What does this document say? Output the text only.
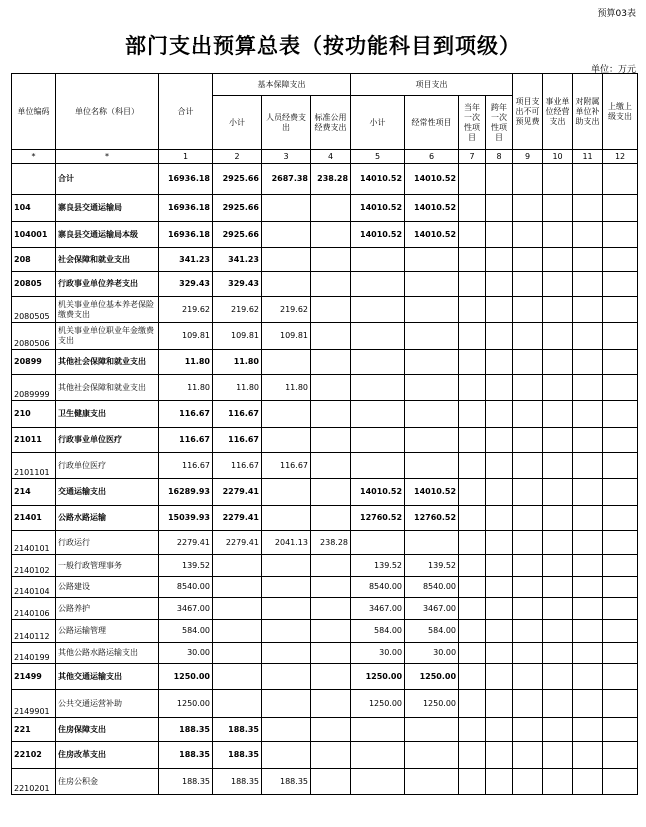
预算03表
部门支出预算总表（按功能科目到项级）
单位：万元
单位编码	单位名称（科目）	合计	基本保障支出			项目支出				项目支出不可预见费	事业单位经营支出	对附属单位补助支出	上缴上级支出
			小计	人员经费支出	标准公用经费支出	小计	经常性项目	当年一次性项目	跨年一次性项目				
*	*	1	2	3	4	5	6	7	8	9	10	11	12
	合计	16936.18	2925.66	2687.38	238.28	14010.52	14010.52						
104	寨良县交通运输局	16936.18	2925.66			14010.52	14010.52						
104001	寨良县交通运输局本级	16936.18	2925.66			14010.52	14010.52						
208	社会保障和就业支出	341.23	341.23										
20805	行政事业单位养老支出	329.43	329.43										
2080505	机关事业单位基本养老保险缴费支出	219.62	219.62	219.62									
2080506	机关事业单位职业年金缴费支出	109.81	109.81	109.81									
20899	其他社会保障和就业支出	11.80	11.80										
2089999	其他社会保障和就业支出	11.80	11.80	11.80									
210	卫生健康支出	116.67	116.67										
21011	行政事业单位医疗	116.67	116.67										
2101101	行政单位医疗	116.67	116.67	116.67									
214	交通运输支出	16289.93	2279.41			14010.52	14010.52						
21401	公路水路运输	15039.93	2279.41			12760.52	12760.52						
2140101	行政运行	2279.41	2279.41	2041.13	238.28								
2140102	一般行政管理事务	139.52				139.52	139.52						
2140104	公路建设	8540.00				8540.00	8540.00						
2140106	公路养护	3467.00				3467.00	3467.00						
2140112	公路运输管理	584.00				584.00	584.00						
2140199	其他公路水路运输支出	30.00				30.00	30.00						
21499	其他交通运输支出	1250.00				1250.00	1250.00						
2149901	公共交通运营补助	1250.00				1250.00	1250.00						
221	住房保障支出	188.35	188.35										
22102	住房改革支出	188.35	188.35										
2210201	住房公积金	188.35	188.35	188.35									
